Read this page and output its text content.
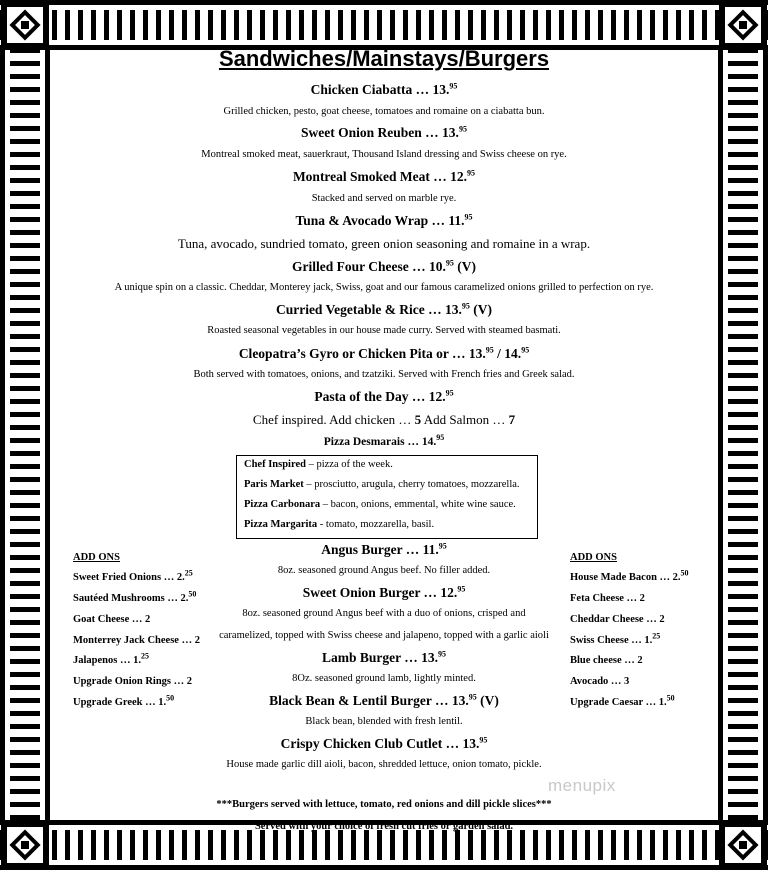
Sandwiches/Mainstays/Burgers
Chicken Ciabatta … 13.95
Grilled chicken, pesto, goat cheese, tomatoes and romaine on a ciabatta bun.
Sweet Onion Reuben … 13.95
Montreal smoked meat, sauerkraut, Thousand Island dressing and Swiss cheese on rye.
Montreal Smoked Meat … 12.95
Stacked and served on marble rye.
Tuna & Avocado Wrap … 11.95
Tuna, avocado, sundried tomato, green onion seasoning and romaine in a wrap.
Grilled Four Cheese … 10.95 (V)
A unique spin on a classic. Cheddar, Monterey jack, Swiss, goat and our famous caramelized onions grilled to perfection on rye.
Curried Vegetable & Rice … 13.95 (V)
Roasted seasonal vegetables in our house made curry. Served with steamed basmati.
Cleopatra’s Gyro or Chicken Pita or … 13.95 / 14.95
Both served with tomatoes, onions, and tzatziki. Served with French fries and Greek salad.
Pasta of the Day … 12.95
Chef inspired. Add chicken … 5 Add Salmon … 7
Pizza Desmarais … 14.95
Chef Inspired – pizza of the week.
Paris Market – prosciutto, arugula, cherry tomatoes, mozzarella.
Pizza Carbonara – bacon, onions, emmental, white wine sauce.
Pizza Margarita - tomato, mozzarella, basil.
Angus Burger … 11.95
8oz. seasoned ground Angus beef. No filler added.
Sweet Onion Burger … 12.95
8oz. seasoned ground Angus beef with a duo of onions, crisped and
caramelized, topped with Swiss cheese and jalapeno, topped with a garlic aioli
Lamb Burger … 13.95
8Oz. seasoned ground lamb, lightly minted.
Black Bean & Lentil Burger … 13.95 (V)
Black bean, blended with fresh lentil.
Crispy Chicken Club Cutlet … 13.95
House made garlic dill aioli, bacon, shredded lettuce, onion tomato, pickle.
***Burgers served with lettuce, tomato, red onions and dill pickle slices***
Served with your choice of fresh cut fries or garden salad.
ADD ONS
Sweet Fried Onions … 2.25
Sautéed Mushrooms … 2.50
Goat Cheese … 2
Monterrey Jack Cheese … 2
Jalapenos … 1.25
Upgrade Onion Rings … 2
Upgrade Greek … 1.50
ADD ONS
House Made Bacon … 2.50
Feta Cheese … 2
Cheddar Cheese … 2
Swiss Cheese … 1.25
Blue cheese … 2
Avocado … 3
Upgrade Caesar … 1.50
menupix
